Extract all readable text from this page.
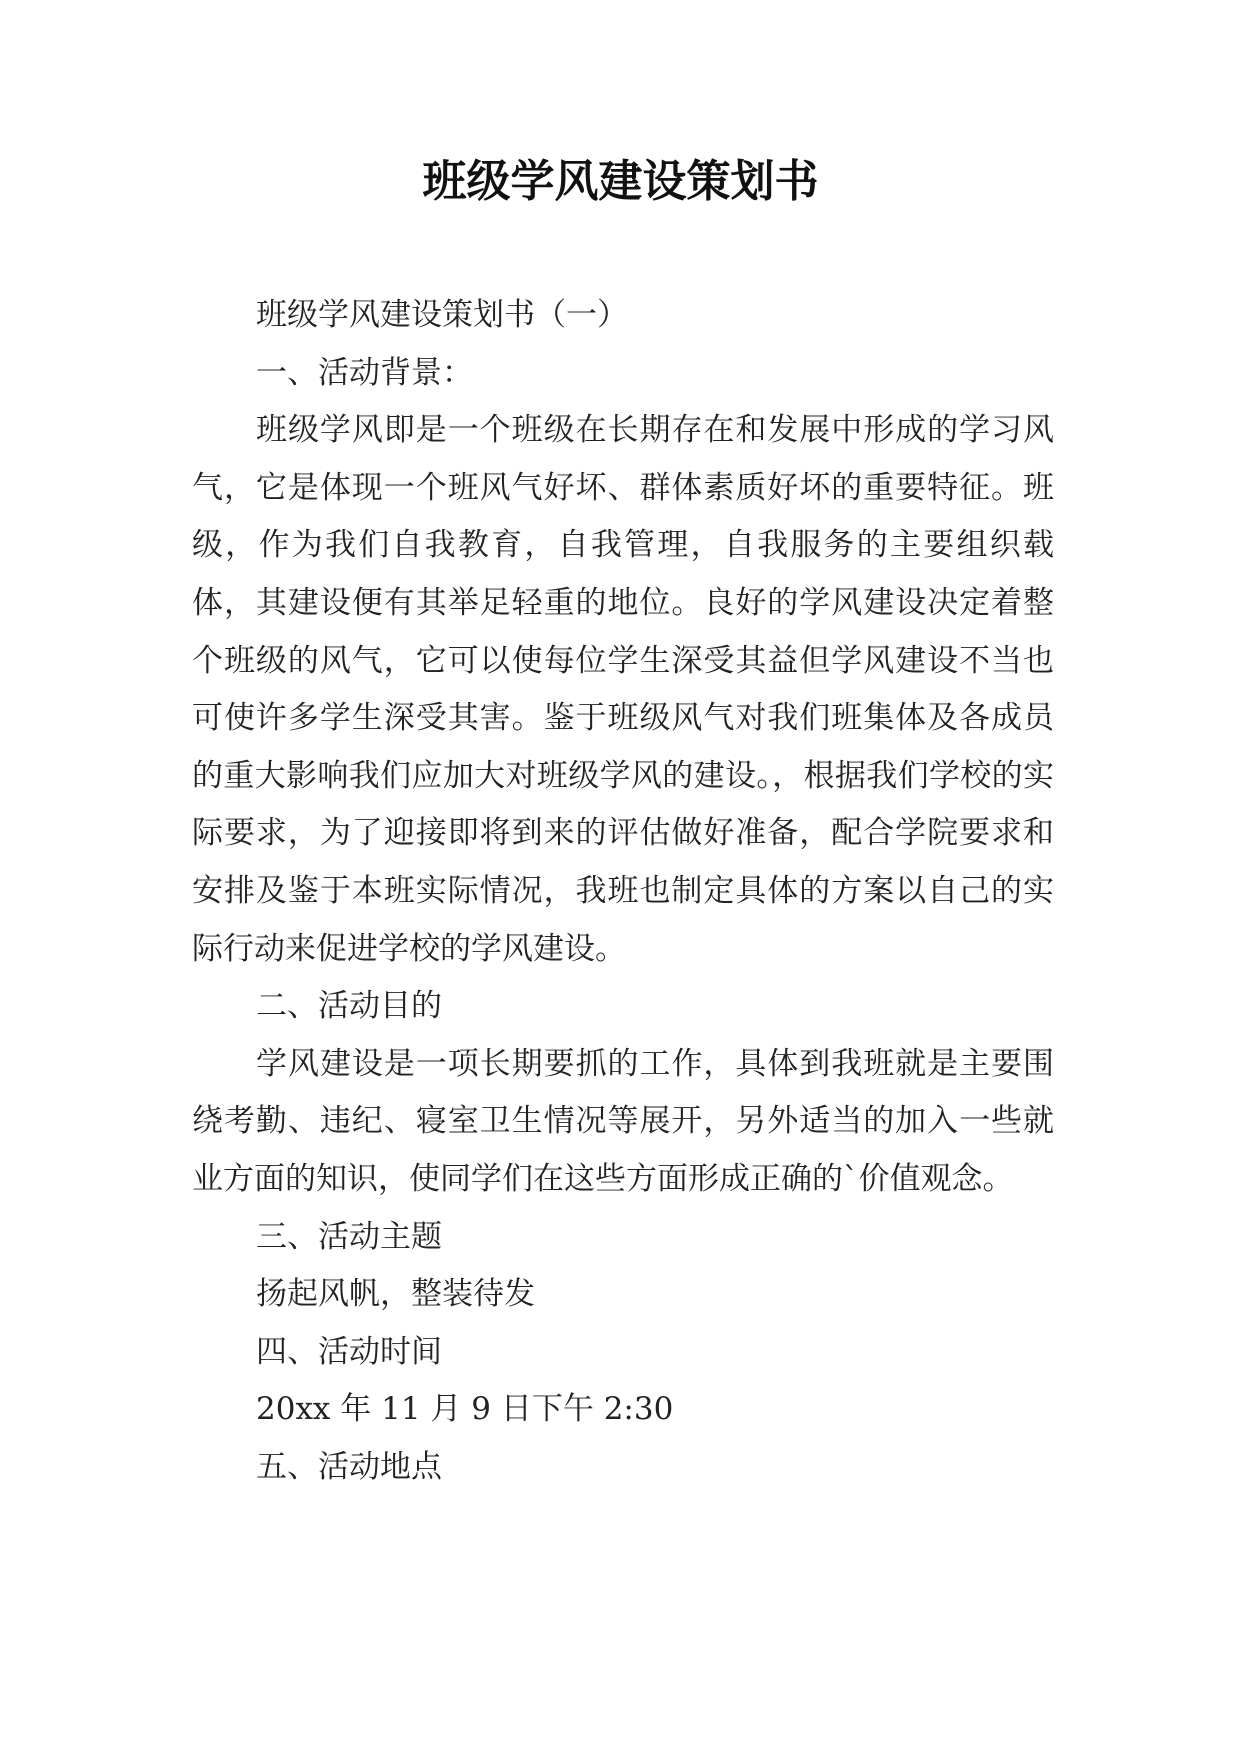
班级学风建设策划书

班级学风建设策划书（一）

一、活动背景：

班级学风即是一个班级在长期存在和发展中形成的学习风气，它是体现一个班风气好坏、群体素质好坏的重要特征。班级，作为我们自我教育，自我管理，自我服务的主要组织载体，其建设便有其举足轻重的地位。良好的学风建设决定着整个班级的风气，它可以使每位学生深受其益但学风建设不当也可使许多学生深受其害。鉴于班级风气对我们班集体及各成员的重大影响我们应加大对班级学风的建设。，根据我们学校的实际要求，为了迎接即将到来的评估做好准备，配合学院要求和安排及鉴于本班实际情况，我班也制定具体的方案以自己的实际行动来促进学校的学风建设。

二、活动目的

学风建设是一项长期要抓的工作，具体到我班就是主要围绕考勤、违纪、寝室卫生情况等展开，另外适当的加入一些就业方面的知识，使同学们在这些方面形成正确的`价值观念。

三、活动主题

扬起风帆，整装待发

四、活动时间

20xx 年 11 月 9 日下午 2:30

五、活动地点
